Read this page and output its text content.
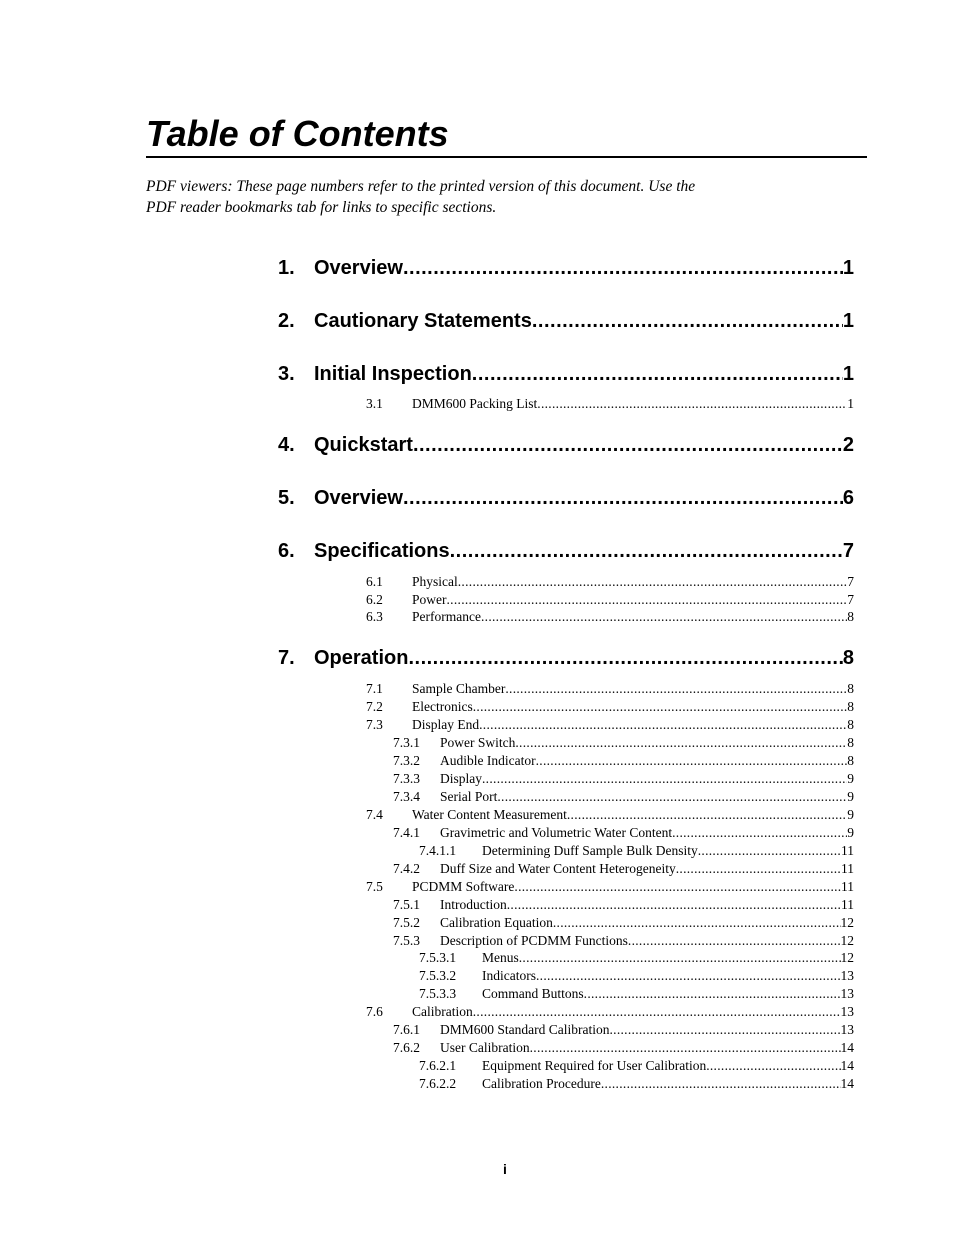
Table of Contents
PDF viewers: These page numbers refer to the printed version of this document. Use the
PDF reader bookmarks tab for links to specific sections.
1. Overview .....	1
2. Cautionary Statements .....	1
3. Initial Inspection .....	1
3.1	DMM600 Packing List .....	1
4. Quickstart .....	2
5. Overview .....	6
6. Specifications .....	7
6.1	Physical .....	7
6.2	Power .....	7
6.3	Performance .....	8
7. Operation .....	8
7.1	Sample Chamber .....	8
7.2	Electronics .....	8
7.3	Display End .....	8
7.3.1	Power Switch .....	8
7.3.2	Audible Indicator .....	8
7.3.3	Display .....	9
7.3.4	Serial Port .....	9
7.4	Water Content Measurement .....	9
7.4.1	Gravimetric and Volumetric Water Content .....	9
7.4.1.1	Determining Duff Sample Bulk Density .....	11
7.4.2	Duff Size and Water Content Heterogeneity .....	11
7.5	PCDMM Software .....	11
7.5.1	Introduction .....	11
7.5.2	Calibration Equation .....	12
7.5.3	Description of PCDMM Functions .....	12
7.5.3.1	Menus .....	12
7.5.3.2	Indicators .....	13
7.5.3.3	Command Buttons .....	13
7.6	Calibration .....	13
7.6.1	DMM600 Standard Calibration .....	13
7.6.2	User Calibration .....	14
7.6.2.1	Equipment Required for User Calibration .....	14
7.6.2.2	Calibration Procedure .....	14
i
